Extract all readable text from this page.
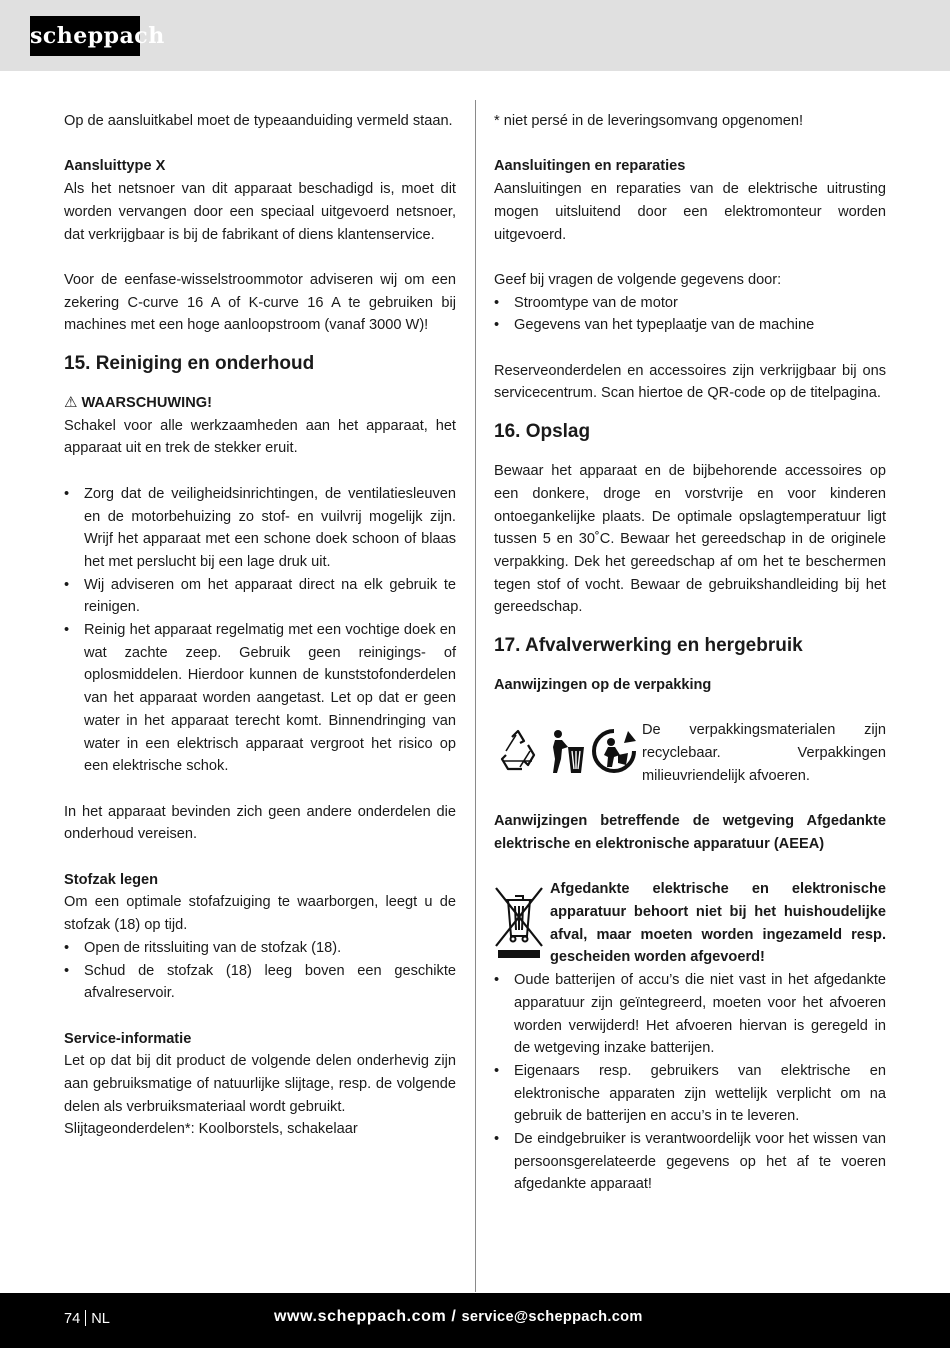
scheppach

Op de aansluitkabel moet de typeaanduiding vermeld staan.

Aansluittype X

Als het netsnoer van dit apparaat beschadigd is, moet dit worden vervangen door een speciaal uitgevoerd netsnoer, dat verkrijgbaar is bij de fabrikant of diens klantenservice.

Voor de eenfase-wisselstroommotor adviseren wij om een zekering C-curve 16 A of K-curve 16 A te gebruiken bij machines met een hoge aanloopstroom (vanaf 3000 W)!

15. Reiniging en onderhoud

⚠ WAARSCHUWING!

Schakel voor alle werkzaamheden aan het apparaat, het apparaat uit en trek de stekker eruit.

• Zorg dat de veiligheidsinrichtingen, de ventilatiesleuven en de motorbehuizing zo stof- en vuilvrij mogelijk zijn. Wrijf het apparaat met een schone doek schoon of blaas het met perslucht bij een lage druk uit.
• Wij adviseren om het apparaat direct na elk gebruik te reinigen.
• Reinig het apparaat regelmatig met een vochtige doek en wat zachte zeep. Gebruik geen reinigings- of oplosmiddelen. Hierdoor kunnen de kunststofonderdelen van het apparaat worden aangetast. Let op dat er geen water in het apparaat terecht komt. Binnendringing van water in een elektrisch apparaat vergroot het risico op een elektrische schok.

In het apparaat bevinden zich geen andere onderdelen die onderhoud vereisen.

Stofzak legen

Om een optimale stofafzuiging te waarborgen, leegt u de stofzak (18) op tijd.

• Open de ritssluiting van de stofzak (18).
• Schud de stofzak (18) leeg boven een geschikte afvalreservoir.

Service-informatie

Let op dat bij dit product de volgende delen onderhevig zijn aan gebruiksmatige of natuurlijke slijtage, resp. de volgende delen als verbruiksmateriaal wordt gebruikt.

Slijtageonderdelen*: Koolborstels, schakelaar

* niet persé in de leveringsomvang opgenomen!

Aansluitingen en reparaties

Aansluitingen en reparaties van de elektrische uitrusting mogen uitsluitend door een elektromonteur worden uitgevoerd.

Geef bij vragen de volgende gegevens door:

• Stroomtype van de motor
• Gegevens van het typeplaatje van de machine

Reserveonderdelen en accessoires zijn verkrijgbaar bij ons servicecentrum. Scan hiertoe de QR-code op de titelpagina.

16. Opslag

Bewaar het apparaat en de bijbehorende accessoires op een donkere, droge en vorstvrije en voor kinderen ontoegankelijke plaats. De optimale opslagtemperatuur ligt tussen 5 en 30˚C. Bewaar het gereedschap in de originele verpakking. Dek het gereedschap af om het te beschermen tegen stof of vocht. Bewaar de gebruikshandleiding bij het gereedschap.

17. Afvalverwerking en hergebruik

Aanwijzingen op de verpakking

De verpakkingsmaterialen zijn recyclebaar. Verpakkingen milieuvriendelijk afvoeren.

Aanwijzingen betreffende de wetgeving Afgedankte elektrische en elektronische apparatuur (AEEA)

Afgedankte elektrische en elektronische apparatuur behoort niet bij het huishoudelijke afval, maar moeten worden ingezameld resp. gescheiden worden afgevoerd!

• Oude batterijen of accu’s die niet vast in het afgedankte apparatuur zijn geïntegreerd, moeten voor het afvoeren worden verwijderd! Het afvoeren hiervan is geregeld in de wetgeving inzake batterijen.
• Eigenaars resp. gebruikers van elektrische en elektronische apparaten zijn wettelijk verplicht om na gebruik de batterijen en accu’s in te leveren.
• De eindgebruiker is verantwoordelijk voor het wissen van persoonsgerelateerde gegevens op het af te voeren afgedankte apparaat!
74 NL	www.scheppach.com / service@scheppach.com
